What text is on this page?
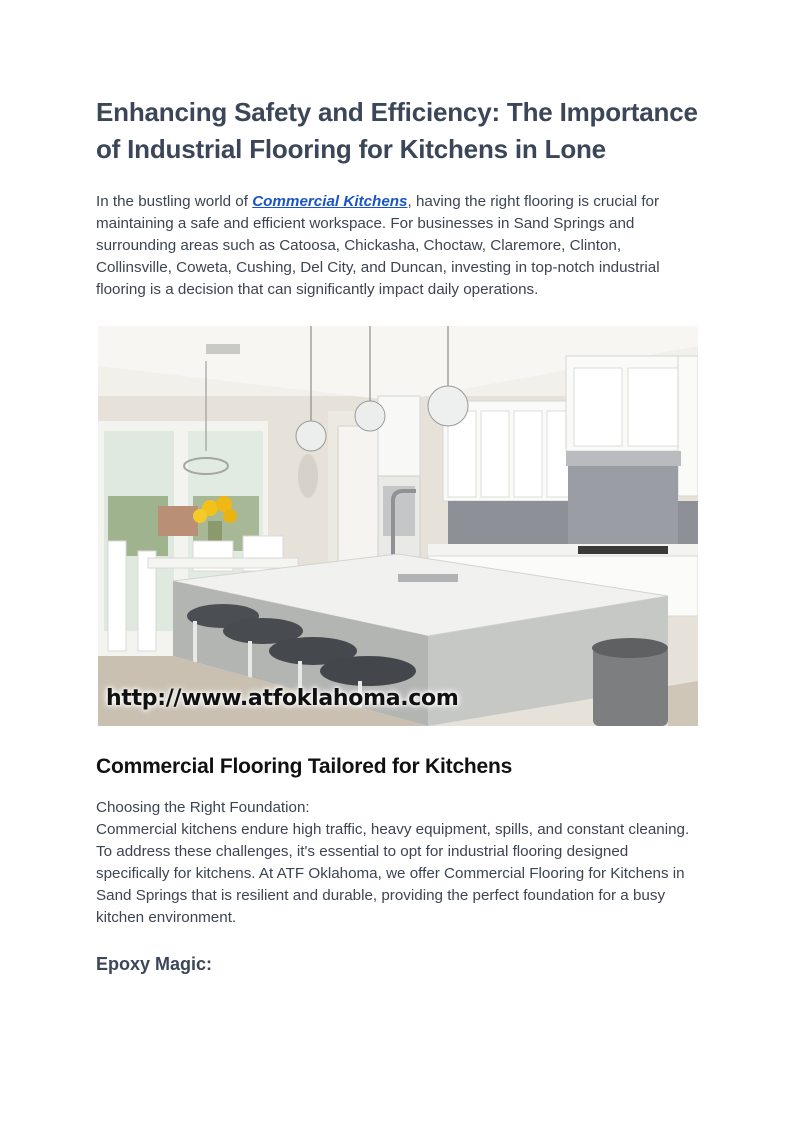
Enhancing Safety and Efficiency: The Importance of Industrial Flooring for Kitchens in Lone

In the bustling world of Commercial Kitchens, having the right flooring is crucial for maintaining a safe and efficient workspace. For businesses in Sand Springs and surrounding areas such as Catoosa, Chickasha, Choctaw, Claremore, Clinton, Collinsville, Coweta, Cushing, Del City, and Duncan, investing in top-notch industrial flooring is a decision that can significantly impact daily operations.

http://www.atfoklahoma.com
Commercial Flooring Tailored for Kitchens

Choosing the Right Foundation:
Commercial kitchens endure high traffic, heavy equipment, spills, and constant cleaning. To address these challenges, it's essential to opt for industrial flooring designed specifically for kitchens. At ATF Oklahoma, we offer Commercial Flooring for Kitchens in Sand Springs that is resilient and durable, providing the perfect foundation for a busy kitchen environment.

Epoxy Magic:
